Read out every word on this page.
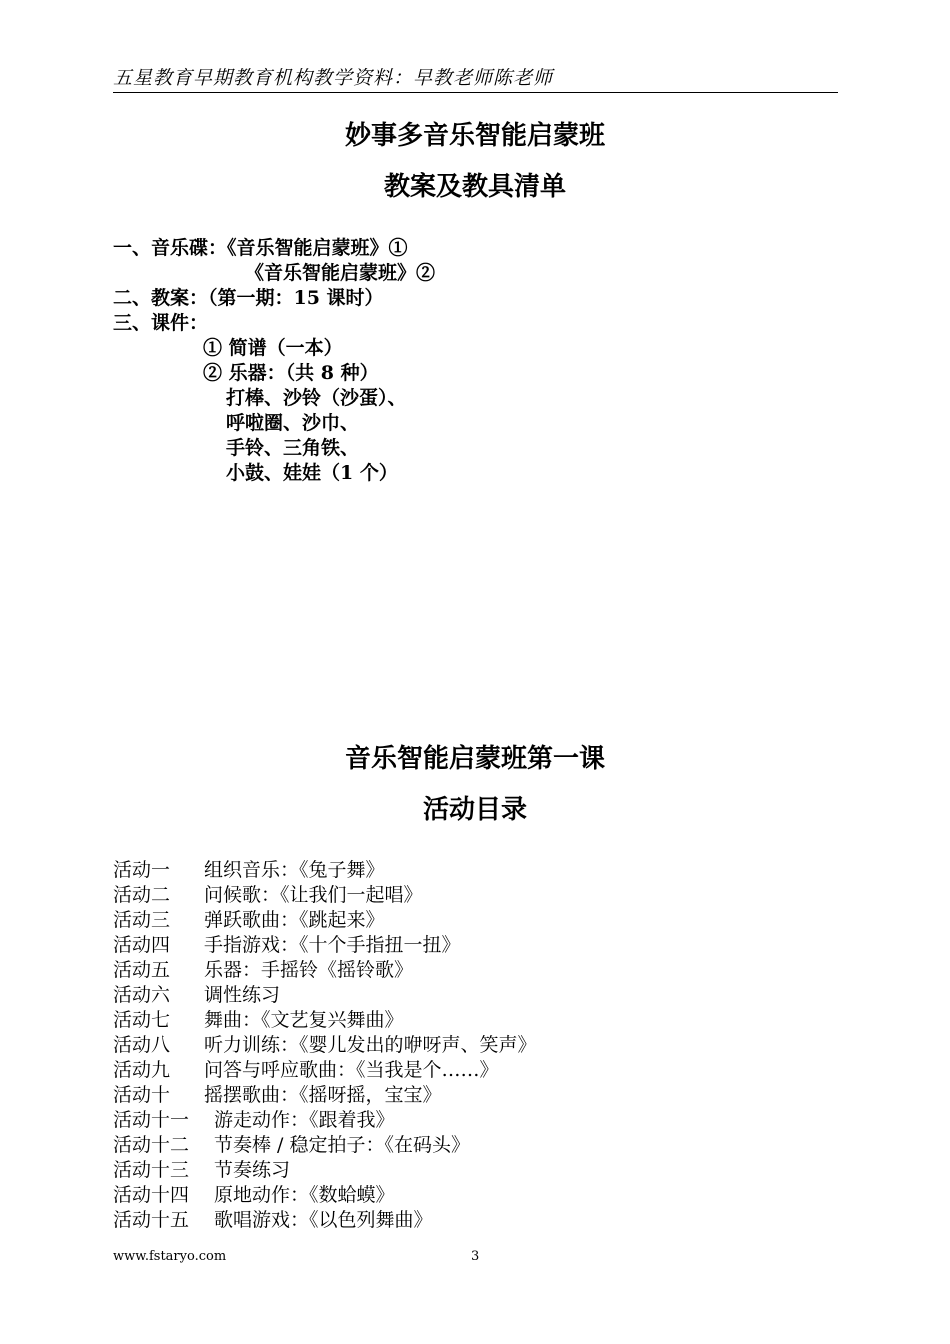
五星教育早期教育机构教学资料：早教老师陈老师
妙事多音乐智能启蒙班
教案及教具清单
一、音乐碟：《音乐智能启蒙班》①
《音乐智能启蒙班》②
二、教案：（第一期：15 课时）
三、课件：
① 简谱（一本）
② 乐器：（共 8 种）
打棒、沙铃（沙蛋）、
呼啦圈、沙巾、
手铃、三角铁、
小鼓、娃娃（1 个）
音乐智能启蒙班第一课
活动目录
活动一 组织音乐：《兔子舞》
活动二 问候歌：《让我们一起唱》
活动三 弹跃歌曲：《跳起来》
活动四 手指游戏：《十个手指扭一扭》
活动五 乐器：手摇铃《摇铃歌》
活动六 调性练习
活动七 舞曲：《文艺复兴舞曲》
活动八 听力训练：《婴儿发出的咿呀声、笑声》
活动九 问答与呼应歌曲：《当我是个……》
活动十 摇摆歌曲：《摇呀摇，宝宝》
活动十一 游走动作：《跟着我》
活动十二 节奏棒 / 稳定拍子：《在码头》
活动十三 节奏练习
活动十四 原地动作：《数蛤蟆》
活动十五 歌唱游戏：《以色列舞曲》
www.fstaryo.com	3
